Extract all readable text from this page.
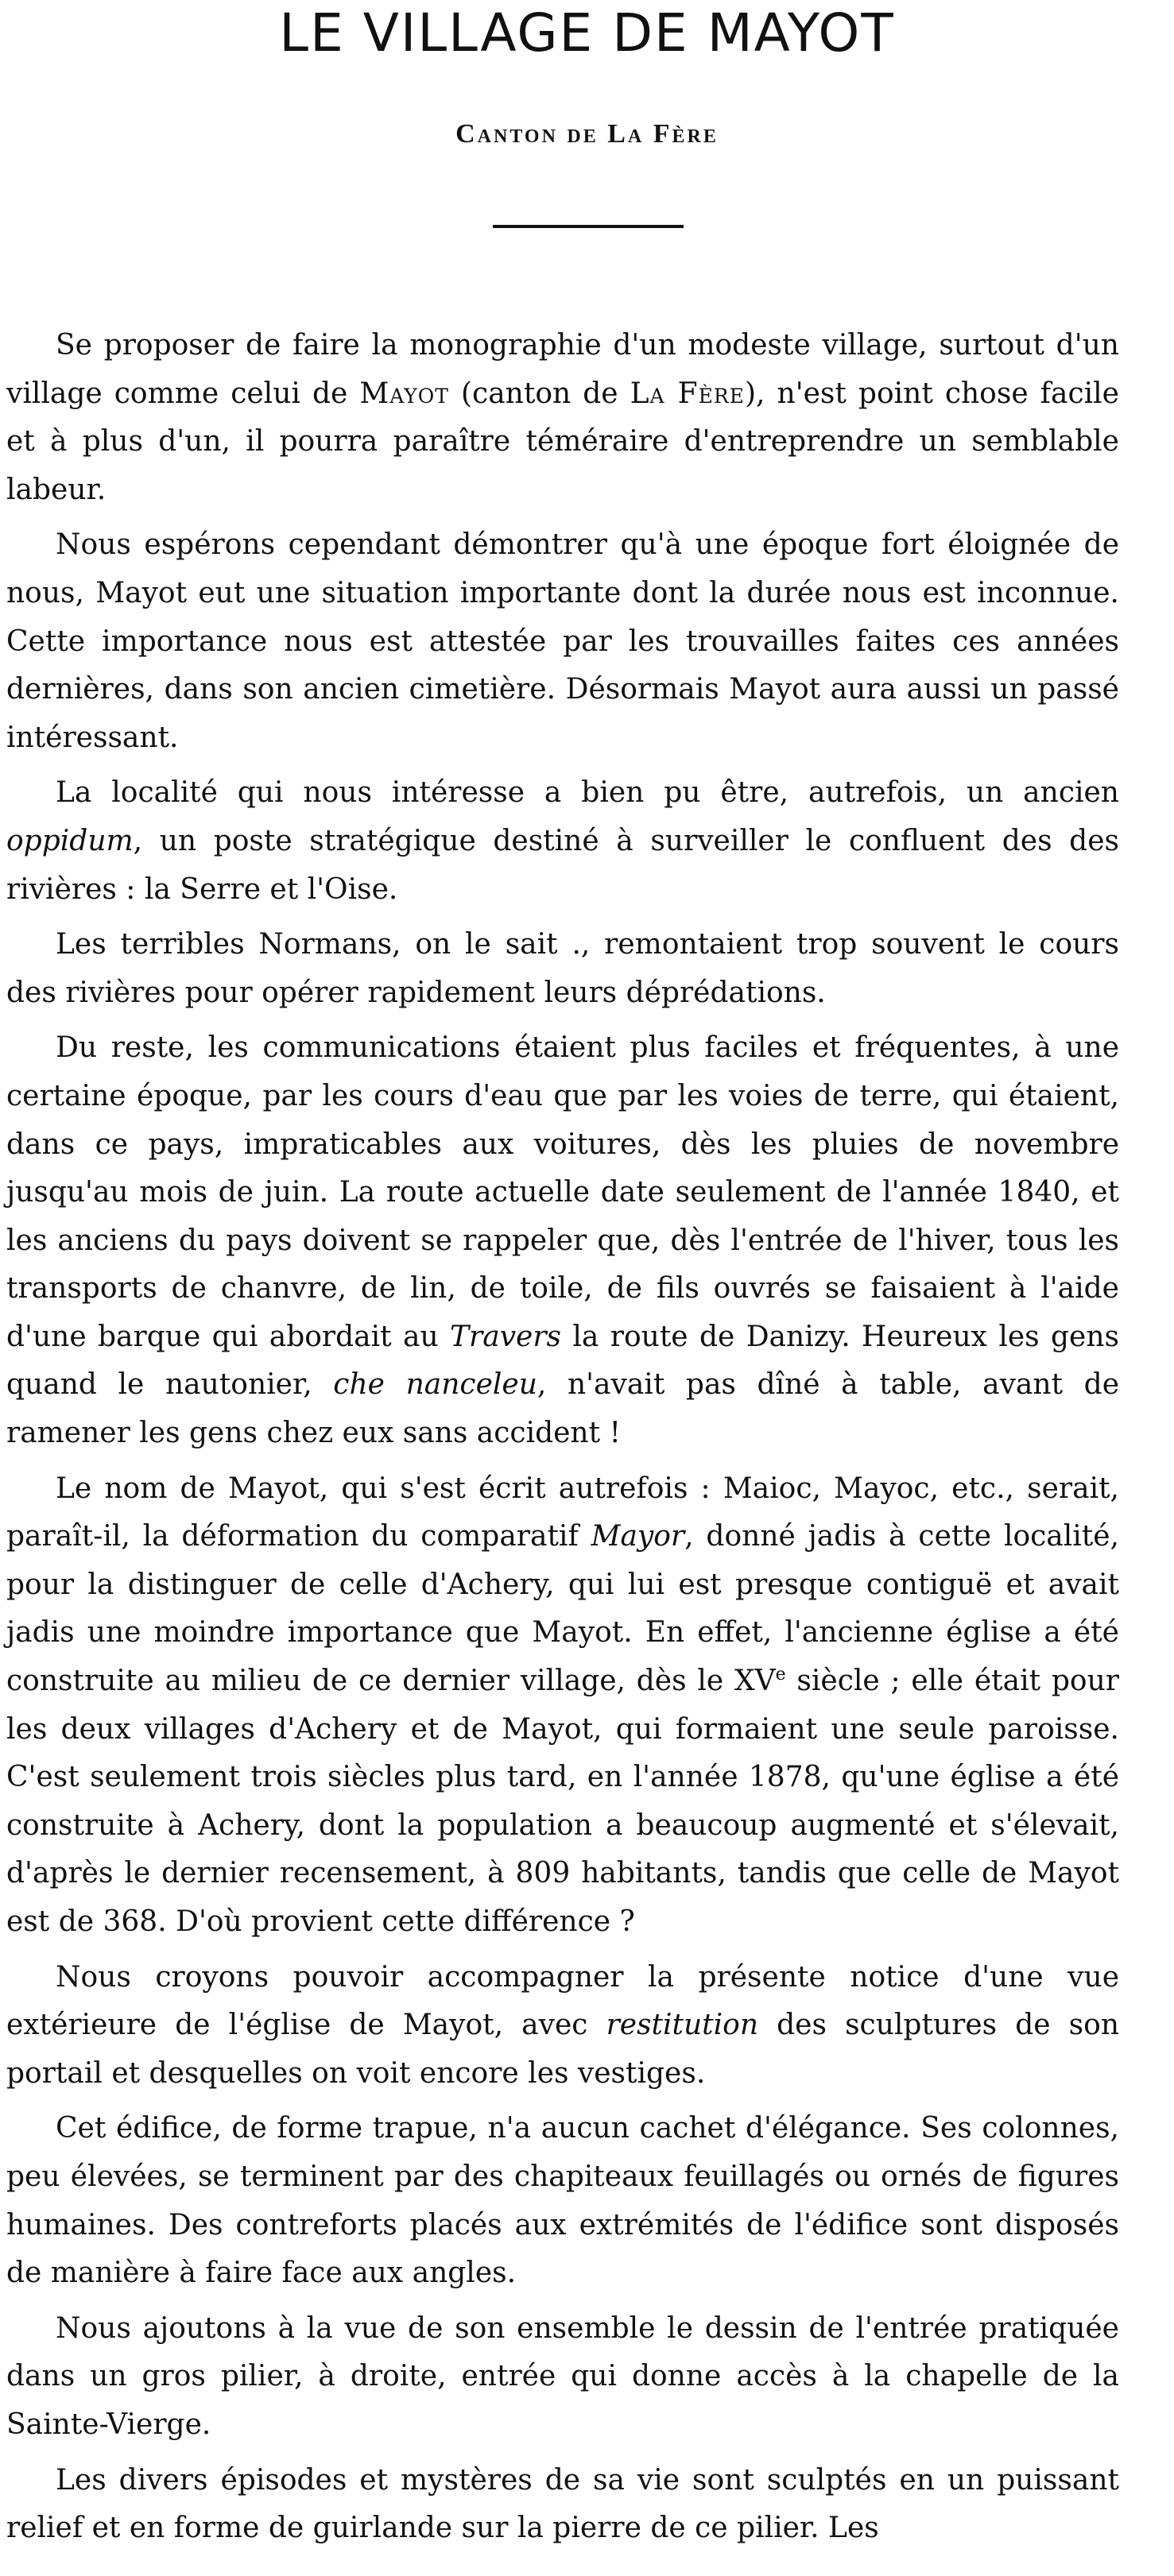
LE VILLAGE DE MAYOT
Canton de La Fère

Se proposer de faire la monographie d'un modeste village, surtout d'un village comme celui de Mayot (canton de La Fère), n'est point chose facile et à plus d'un, il pourra paraître téméraire d'entreprendre un semblable labeur.

Nous espérons cependant démontrer qu'à une époque fort éloignée de nous, Mayot eut une situation importante dont la durée nous est inconnue. Cette importance nous est attestée par les trouvailles faites ces années dernières, dans son ancien cimetière. Désormais Mayot aura aussi un passé intéressant.

La localité qui nous intéresse a bien pu être, autrefois, un ancien oppidum, un poste stratégique destiné à surveiller le confluent des des rivières : la Serre et l'Oise.

Les terribles Normans, on le sait ., remontaient trop souvent le cours des rivières pour opérer rapidement leurs déprédations.

Du reste, les communications étaient plus faciles et fréquentes, à une certaine époque, par les cours d'eau que par les voies de terre, qui étaient, dans ce pays, impraticables aux voitures, dès les pluies de novembre jusqu'au mois de juin. La route actuelle date seulement de l'année 1840, et les anciens du pays doivent se rappeler que, dès l'entrée de l'hiver, tous les transports de chanvre, de lin, de toile, de fils ouvrés se faisaient à l'aide d'une barque qui abordait au Travers la route de Danizy. Heureux les gens quand le nautonier, che nanceleu, n'avait pas dîné à table, avant de ramener les gens chez eux sans accident !

Le nom de Mayot, qui s'est écrit autrefois : Maioc, Mayoc, etc., serait, paraît-il, la déformation du comparatif Mayor, donné jadis à cette localité, pour la distinguer de celle d'Achery, qui lui est presque contiguë et avait jadis une moindre importance que Mayot. En effet, l'ancienne église a été construite au milieu de ce dernier village, dès le XVe siècle ; elle était pour les deux villages d'Achery et de Mayot, qui formaient une seule paroisse. C'est seulement trois siècles plus tard, en l'année 1878, qu'une église a été construite à Achery, dont la population a beaucoup augmenté et s'élevait, d'après le dernier recensement, à 809 habitants, tandis que celle de Mayot est de 368. D'où provient cette différence ?

Nous croyons pouvoir accompagner la présente notice d'une vue extérieure de l'église de Mayot, avec restitution des sculptures de son portail et desquelles on voit encore les vestiges.

Cet édifice, de forme trapue, n'a aucun cachet d'élégance. Ses colonnes, peu élevées, se terminent par des chapiteaux feuillagés ou ornés de figures humaines. Des contreforts placés aux extrémités de l'édifice sont disposés de manière à faire face aux angles.

Nous ajoutons à la vue de son ensemble le dessin de l'entrée pratiquée dans un gros pilier, à droite, entrée qui donne accès à la chapelle de la Sainte-Vierge.

Les divers épisodes et mystères de sa vie sont sculptés en un puissant relief et en forme de guirlande sur la pierre de ce pilier. Les
